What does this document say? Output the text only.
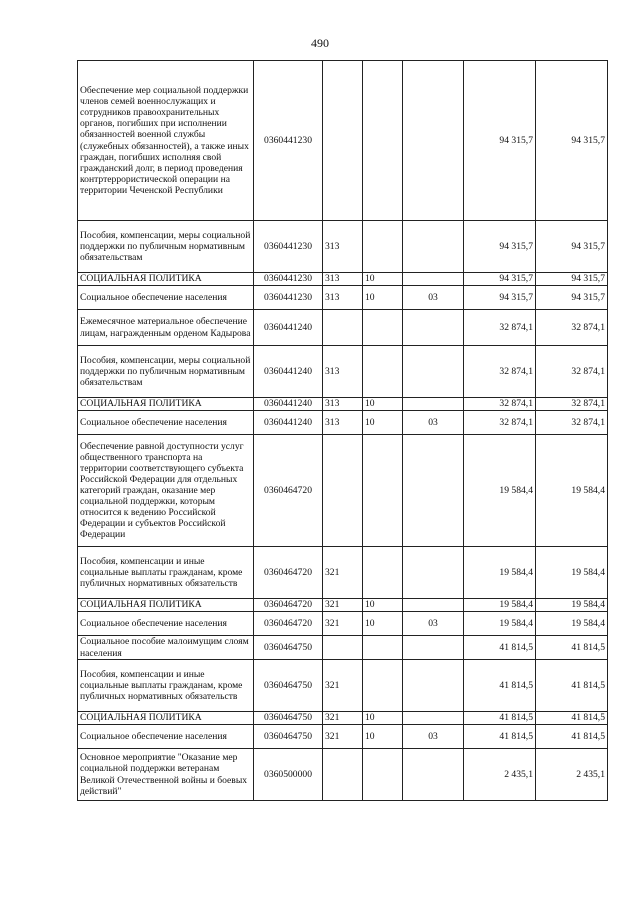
490
Обеспечение мер социальной поддержки членов семей военнослужащих и сотрудников правоохранительных органов, погибших при исполнении обязанностей военной службы (служебных обязанностей), а также иных граждан, погибших исполняя свой гражданский долг, в период проведения контртеррористической операции на территории Чеченской Республики	0360441230				94 315,7	94 315,7
Пособия, компенсации, меры социальной поддержки по публичным нормативным обязательствам	0360441230	313			94 315,7	94 315,7
СОЦИАЛЬНАЯ ПОЛИТИКА	0360441230	313	10		94 315,7	94 315,7
Социальное обеспечение населения	0360441230	313	10	03	94 315,7	94 315,7
Ежемесячное материальное обеспечение лицам, награжденным орденом Кадырова	0360441240				32 874,1	32 874,1
Пособия, компенсации, меры социальной поддержки по публичным нормативным обязательствам	0360441240	313			32 874,1	32 874,1
СОЦИАЛЬНАЯ ПОЛИТИКА	0360441240	313	10		32 874,1	32 874,1
Социальное обеспечение населения	0360441240	313	10	03	32 874,1	32 874,1
Обеспечение равной доступности услуг общественного транспорта на территории соответствующего субъекта Российской Федерации для отдельных категорий граждан, оказание мер социальной поддержки, которым относится к ведению Российской Федерации и субъектов Российской Федерации	0360464720				19 584,4	19 584,4
Пособия, компенсации и иные социальные выплаты гражданам, кроме публичных нормативных обязательств	0360464720	321			19 584,4	19 584,4
СОЦИАЛЬНАЯ ПОЛИТИКА	0360464720	321	10		19 584,4	19 584,4
Социальное обеспечение населения	0360464720	321	10	03	19 584,4	19 584,4
Социальное пособие малоимущим слоям населения	0360464750				41 814,5	41 814,5
Пособия, компенсации и иные социальные выплаты гражданам, кроме публичных нормативных обязательств	0360464750	321			41 814,5	41 814,5
СОЦИАЛЬНАЯ ПОЛИТИКА	0360464750	321	10		41 814,5	41 814,5
Социальное обеспечение населения	0360464750	321	10	03	41 814,5	41 814,5
Основное мероприятие "Оказание мер социальной поддержки ветеранам Великой Отечественной войны и боевых действий"	0360500000				2 435,1	2 435,1
